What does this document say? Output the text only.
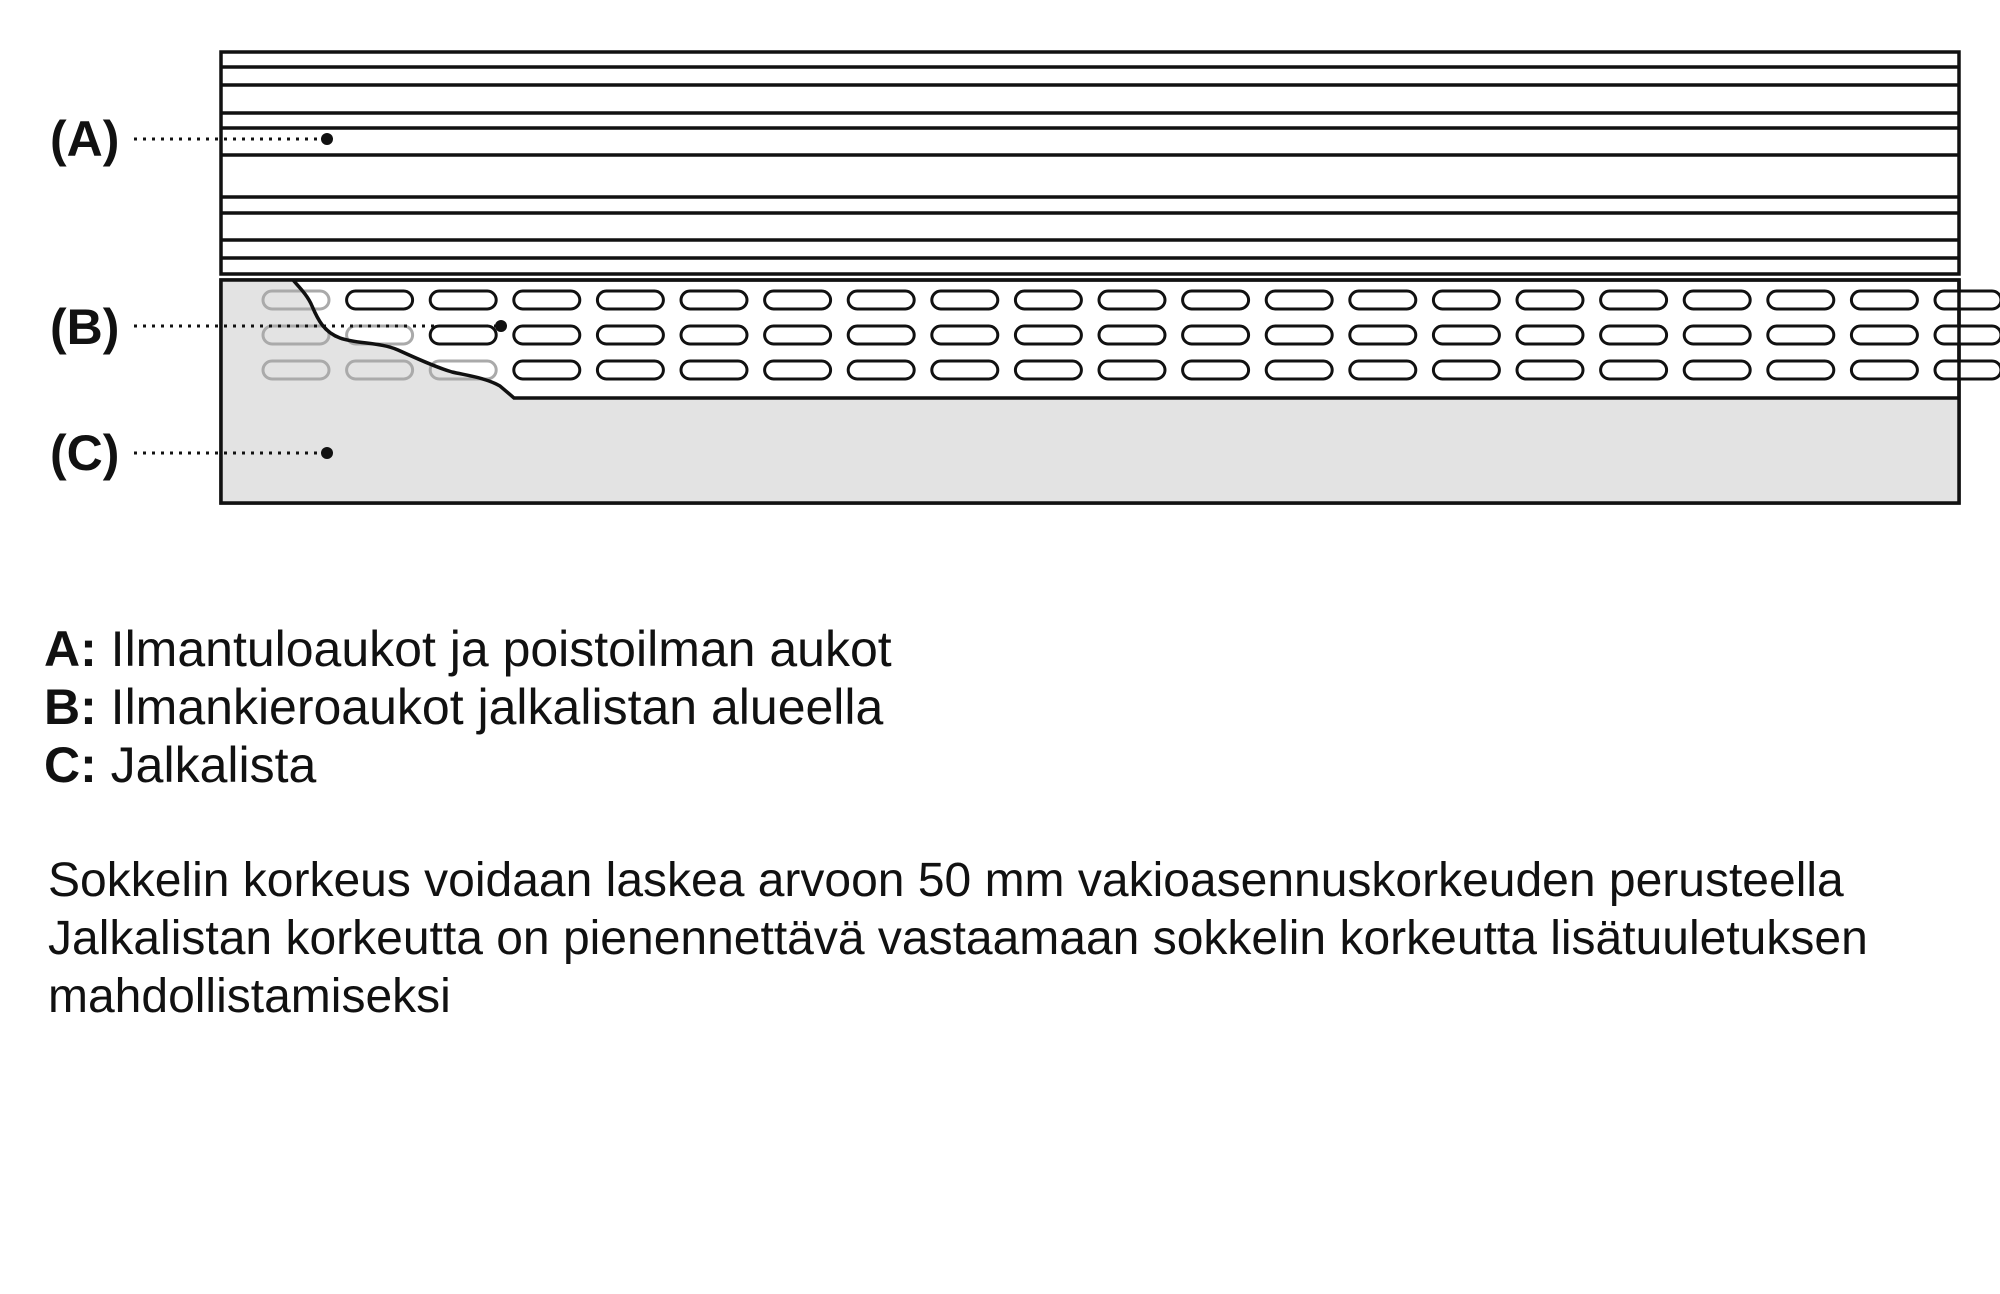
(A)
(B)
(C)
A: Ilmantuloaukot ja poistoilman aukot
B: Ilmankieroaukot jalkalistan alueella
C: Jalkalista
Sokkelin korkeus voidaan laskea arvoon 50 mm vakioasennuskorkeuden perusteella
Jalkalistan korkeutta on pienennettävä vastaamaan sokkelin korkeutta lisätuuletuksen mahdollistamiseksi
